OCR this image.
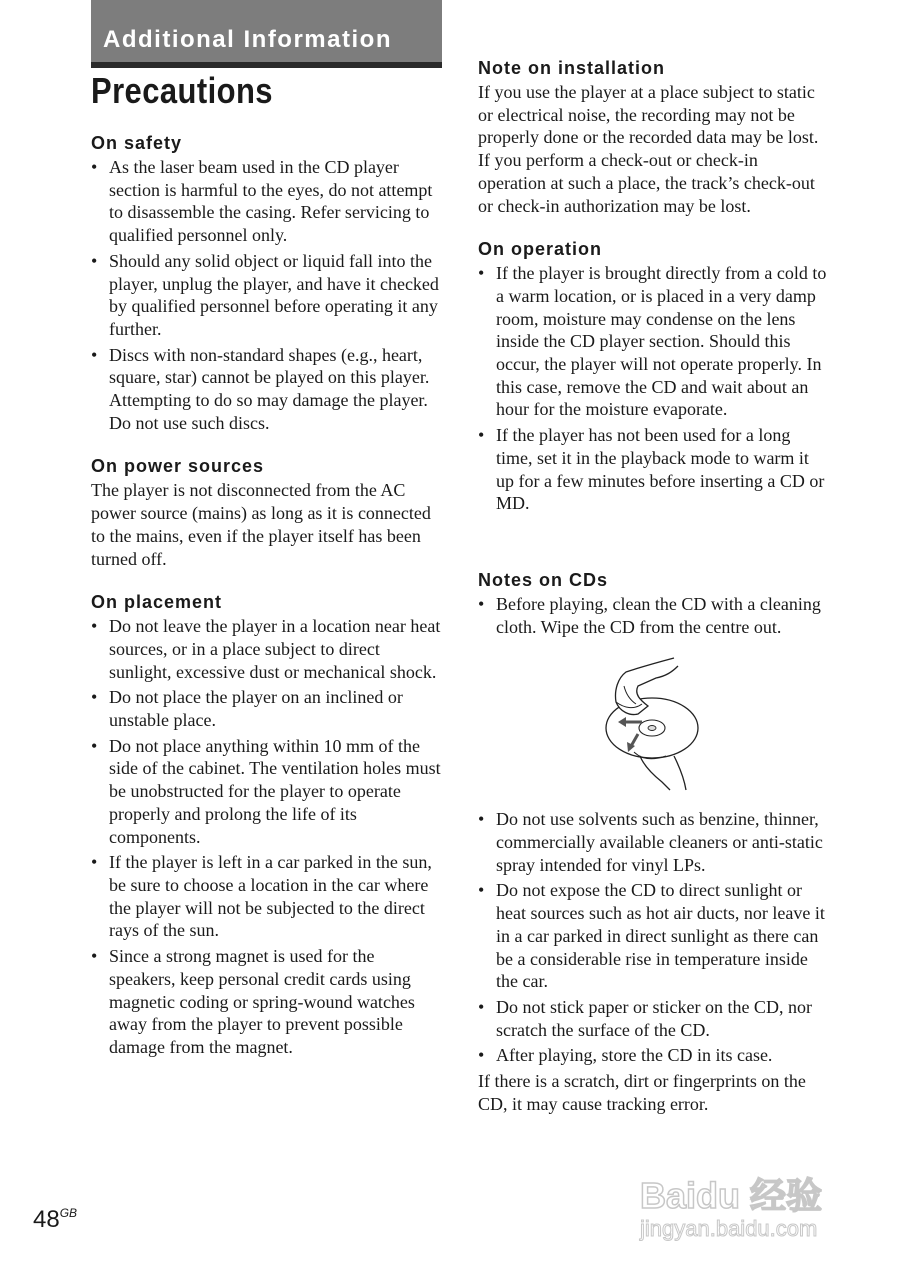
Additional Information
Precautions
On safety
• As the laser beam used in the CD player section is harmful to the eyes, do not attempt to disassemble the casing. Refer servicing to qualified personnel only.
• Should any solid object or liquid fall into the player, unplug the player, and have it checked by qualified personnel before operating it any further.
• Discs with non-standard shapes (e.g., heart, square, star) cannot be played on this player. Attempting to do so may damage the player. Do not use such discs.
On power sources

The player is not disconnected from the AC power source (mains) as long as it is connected to the mains, even if the player itself has been turned off.

On placement
• Do not leave the player in a location near heat sources, or in a place subject to direct sunlight, excessive dust or mechanical shock.
• Do not place the player on an inclined or unstable place.
• Do not place anything within 10 mm of the side of the cabinet. The ventilation holes must be unobstructed for the player to operate properly and prolong the life of its components.
• If the player is left in a car parked in the sun, be sure to choose a location in the car where the player will not be subjected to the direct rays of the sun.
• Since a strong magnet is used for the speakers, keep personal credit cards using magnetic coding or spring-wound watches away from the player to prevent possible damage from the magnet.
Note on installation

If you use the player at a place subject to static or electrical noise, the recording may not be properly done or the recorded data may be lost. If you perform a check-out or check-in operation at such a place, the track’s check-out or check-in authorization may be lost.

On operation
• If the player is brought directly from a cold to a warm location, or is placed in a very damp room, moisture may condense on the lens inside the CD player section. Should this occur, the player will not operate properly. In this case, remove the CD and wait about an hour for the moisture evaporate.
• If the player has not been used for a long time, set it in the playback mode to warm it up for a few minutes before inserting a CD or MD.
Notes on CDs
• Before playing, clean the CD with a cleaning cloth. Wipe the CD from the centre out.
• Do not use solvents such as benzine, thinner, commercially available cleaners or anti-static spray intended for vinyl LPs.
• Do not expose the CD to direct sunlight or heat sources such as hot air ducts, nor leave it in a car parked in direct sunlight as there can be a considerable rise in temperature inside the car.
• Do not stick paper or sticker on the CD, nor scratch the surface of the CD.
• After playing, store the CD in its case.

If there is a scratch, dirt or fingerprints on the CD, it may cause tracking error.

$48^{GB}$	Baidu 经验
jingyan.baidu.com
